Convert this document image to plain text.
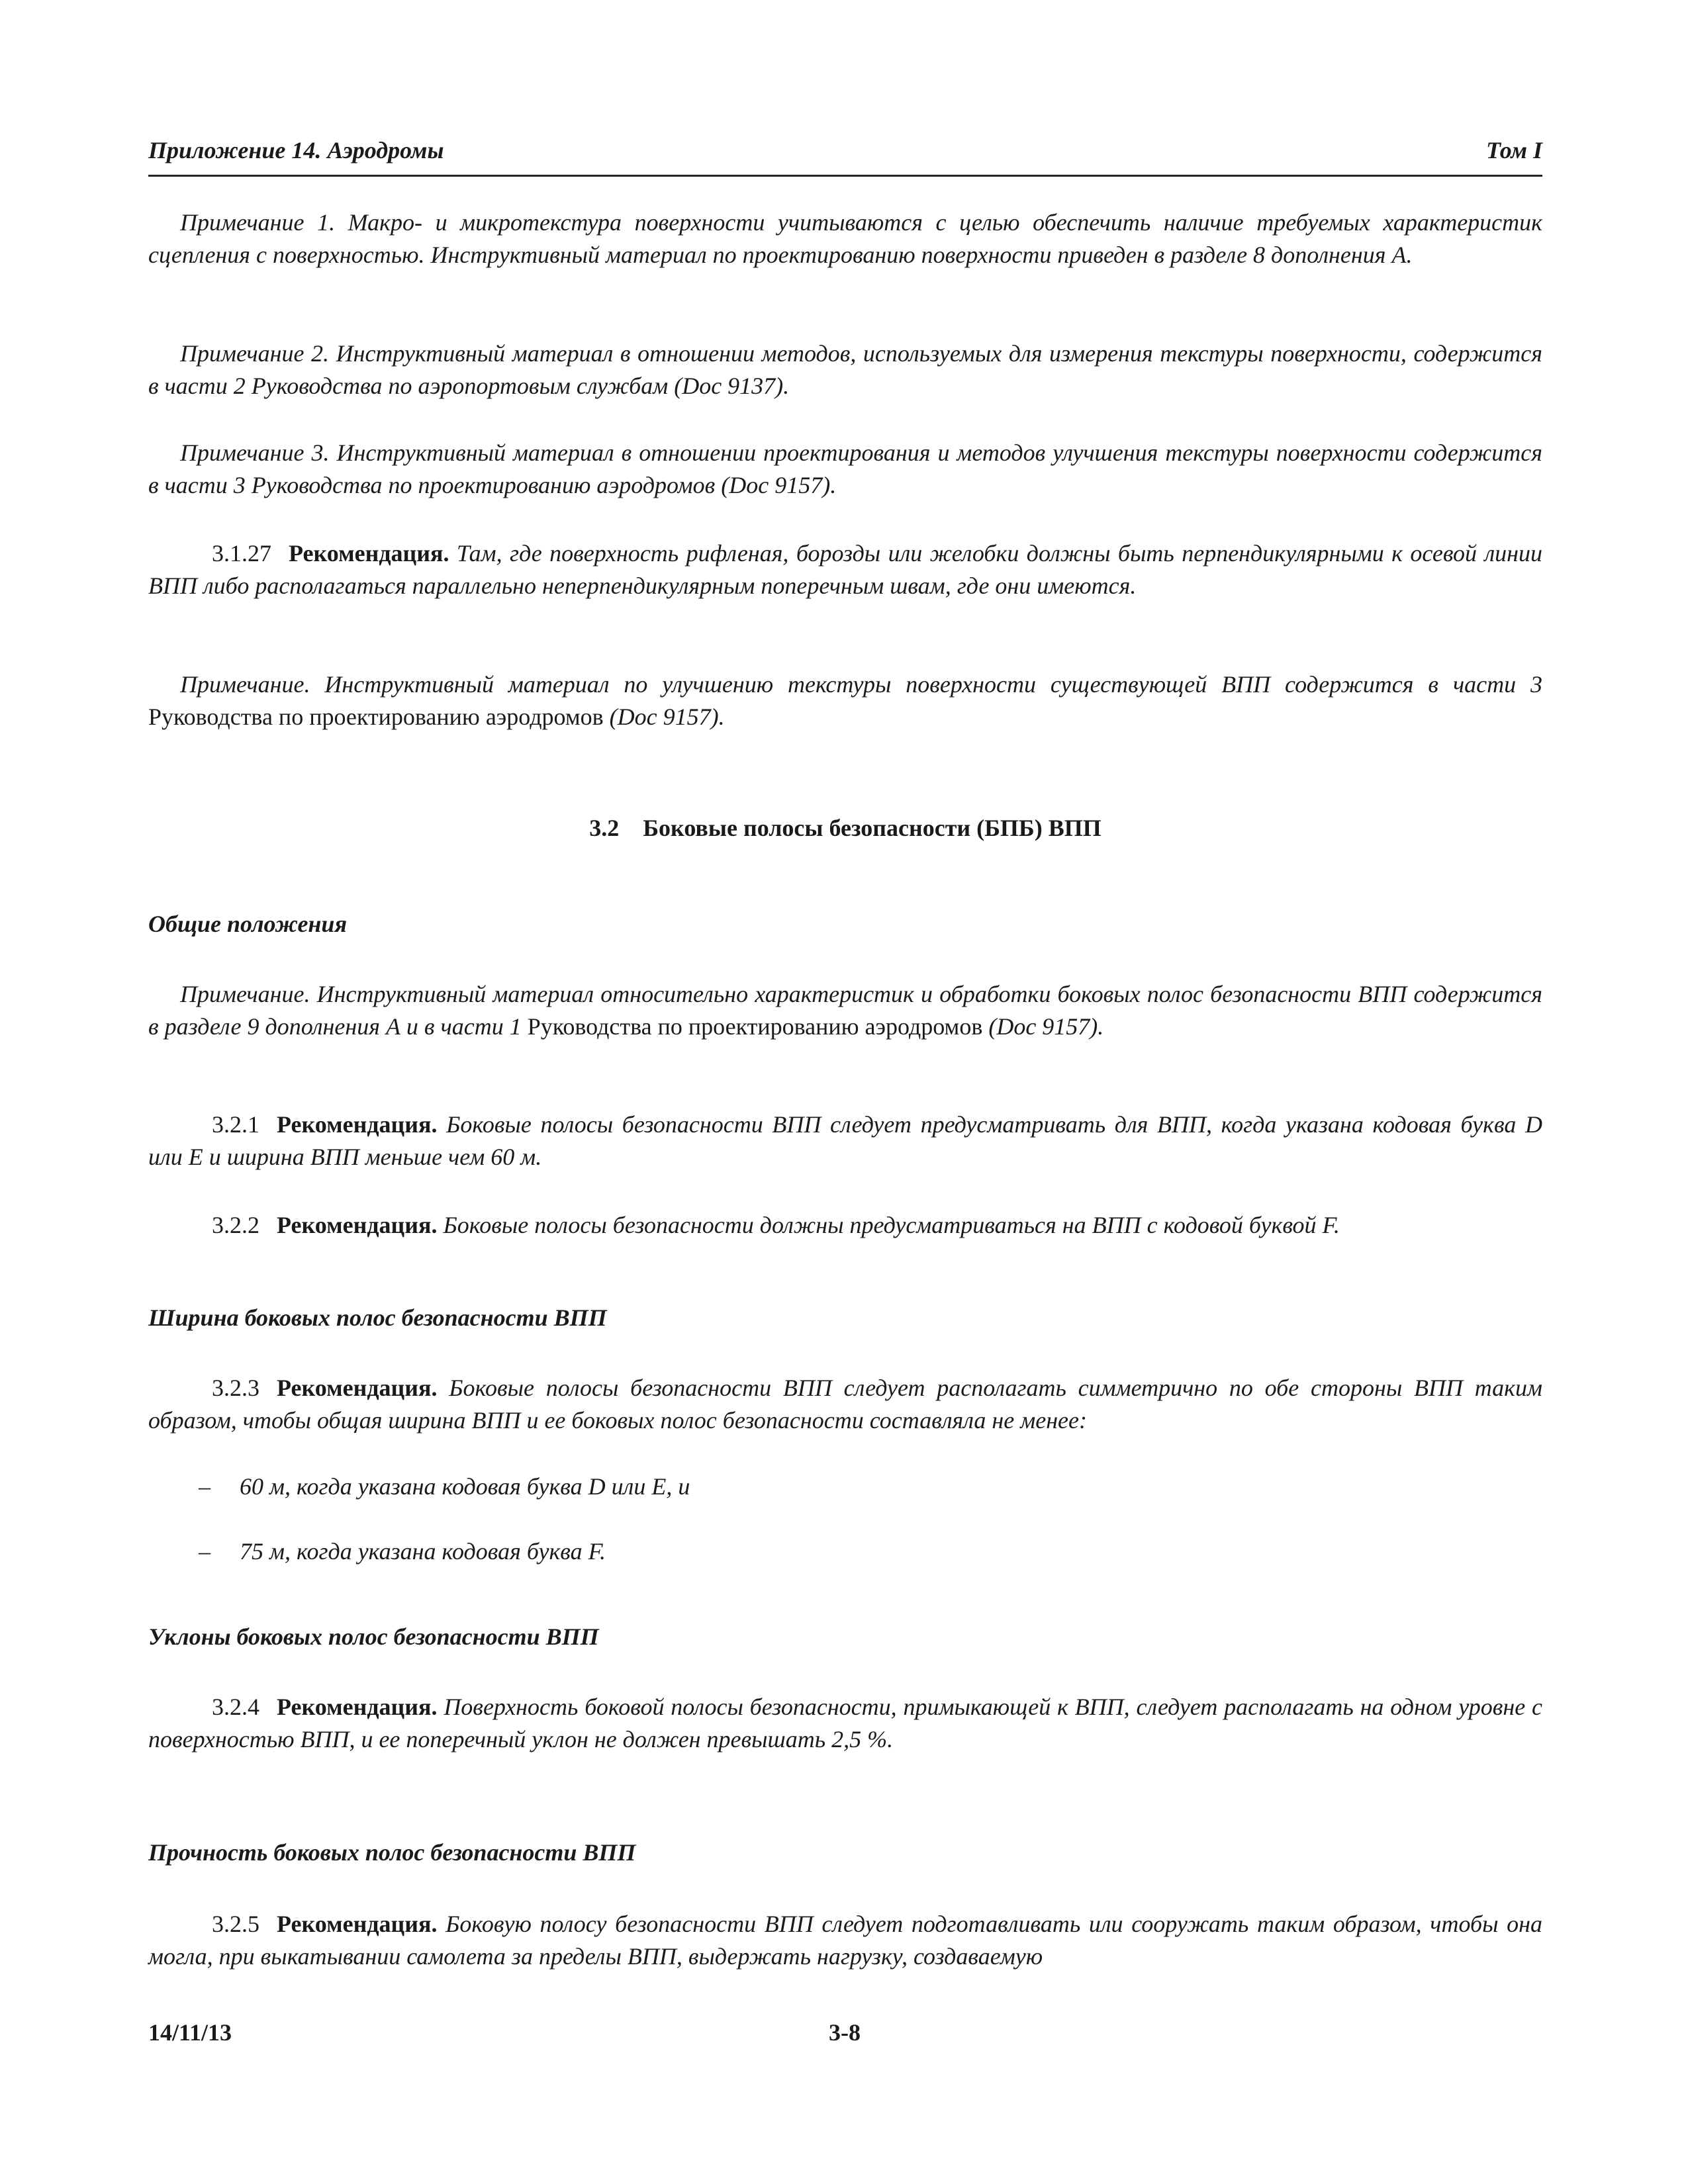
Приложение 14. Аэродромы	Том I
Примечание 1. Макро- и микротекстура поверхности учитываются с целью обеспечить наличие требуемых характеристик сцепления с поверхностью. Инструктивный материал по проектированию поверхности приведен в разделе 8 дополнения А.
Примечание 2. Инструктивный материал в отношении методов, используемых для измерения текстуры поверхности, содержится в части 2 Руководства по аэропортовым службам (Doc 9137).
Примечание 3. Инструктивный материал в отношении проектирования и методов улучшения текстуры поверхности содержится в части 3 Руководства по проектированию аэродромов (Doc 9157).
3.1.27 Рекомендация. Там, где поверхность рифленая, борозды или желобки должны быть перпендикулярными к осевой линии ВПП либо располагаться параллельно неперпендикулярным поперечным швам, где они имеются.
Примечание. Инструктивный материал по улучшению текстуры поверхности существующей ВПП содержится в части 3 Руководства по проектированию аэродромов (Doc 9157).
3.2 Боковые полосы безопасности (БПБ) ВПП
Общие положения
Примечание. Инструктивный материал относительно характеристик и обработки боковых полос безопасности ВПП содержится в разделе 9 дополнения А и в части 1 Руководства по проектированию аэродромов (Doc 9157).
3.2.1 Рекомендация. Боковые полосы безопасности ВПП следует предусматривать для ВПП, когда указана кодовая буква D или E и ширина ВПП меньше чем 60 м.
3.2.2 Рекомендация. Боковые полосы безопасности должны предусматриваться на ВПП с кодовой буквой F.
Ширина боковых полос безопасности ВПП
3.2.3 Рекомендация. Боковые полосы безопасности ВПП следует располагать симметрично по обе стороны ВПП таким образом, чтобы общая ширина ВПП и ее боковых полос безопасности составляла не менее:
– 60 м, когда указана кодовая буква D или E, и
– 75 м, когда указана кодовая буква F.
Уклоны боковых полос безопасности ВПП
3.2.4 Рекомендация. Поверхность боковой полосы безопасности, примыкающей к ВПП, следует располагать на одном уровне с поверхностью ВПП, и ее поперечный уклон не должен превышать 2,5 %.
Прочность боковых полос безопасности ВПП
3.2.5 Рекомендация. Боковую полосу безопасности ВПП следует подготавливать или сооружать таким образом, чтобы она могла, при выкатывании самолета за пределы ВПП, выдержать нагрузку, создаваемую
14/11/13	3-8
